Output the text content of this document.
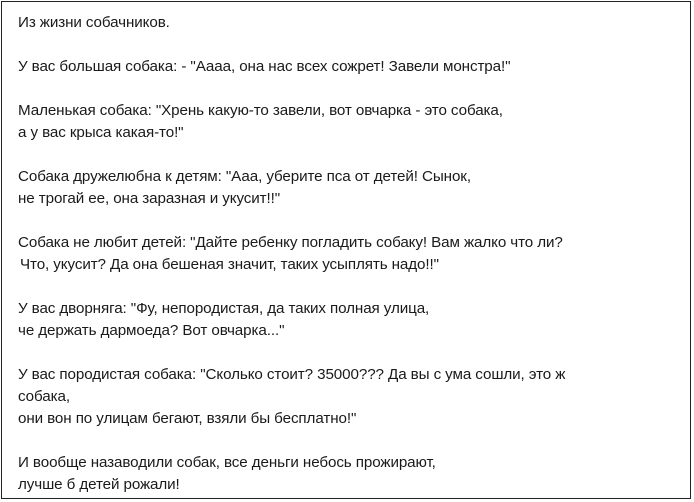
Из жизни собачников.

У вас большая собака: - "Аааа, она нас всех сожрет! Завели монстра!"

Маленькая собака: "Хрень какую-то завели, вот овчарка - это собака,
а у вас крыса какая-то!"

Собака дружелюбна к детям: "Ааа, уберите пса от детей! Сынок,
не трогай ее, она заразная и укусит!!"

Собака не любит детей: "Дайте ребенку погладить собаку! Вам жалко что ли?
Что, укусит? Да она бешеная значит, таких усыплять надо!!"

У вас дворняга: "Фу, непородистая, да таких полная улица,
че держать дармоеда? Вот овчарка..."

У вас породистая собака: "Сколько стоит? 35000??? Да вы с ума сошли, это ж
собака,
они вон по улицам бегают, взяли бы бесплатно!"

И вообще назаводили собак, все деньги небось прожирают,
лучше б детей рожали!
